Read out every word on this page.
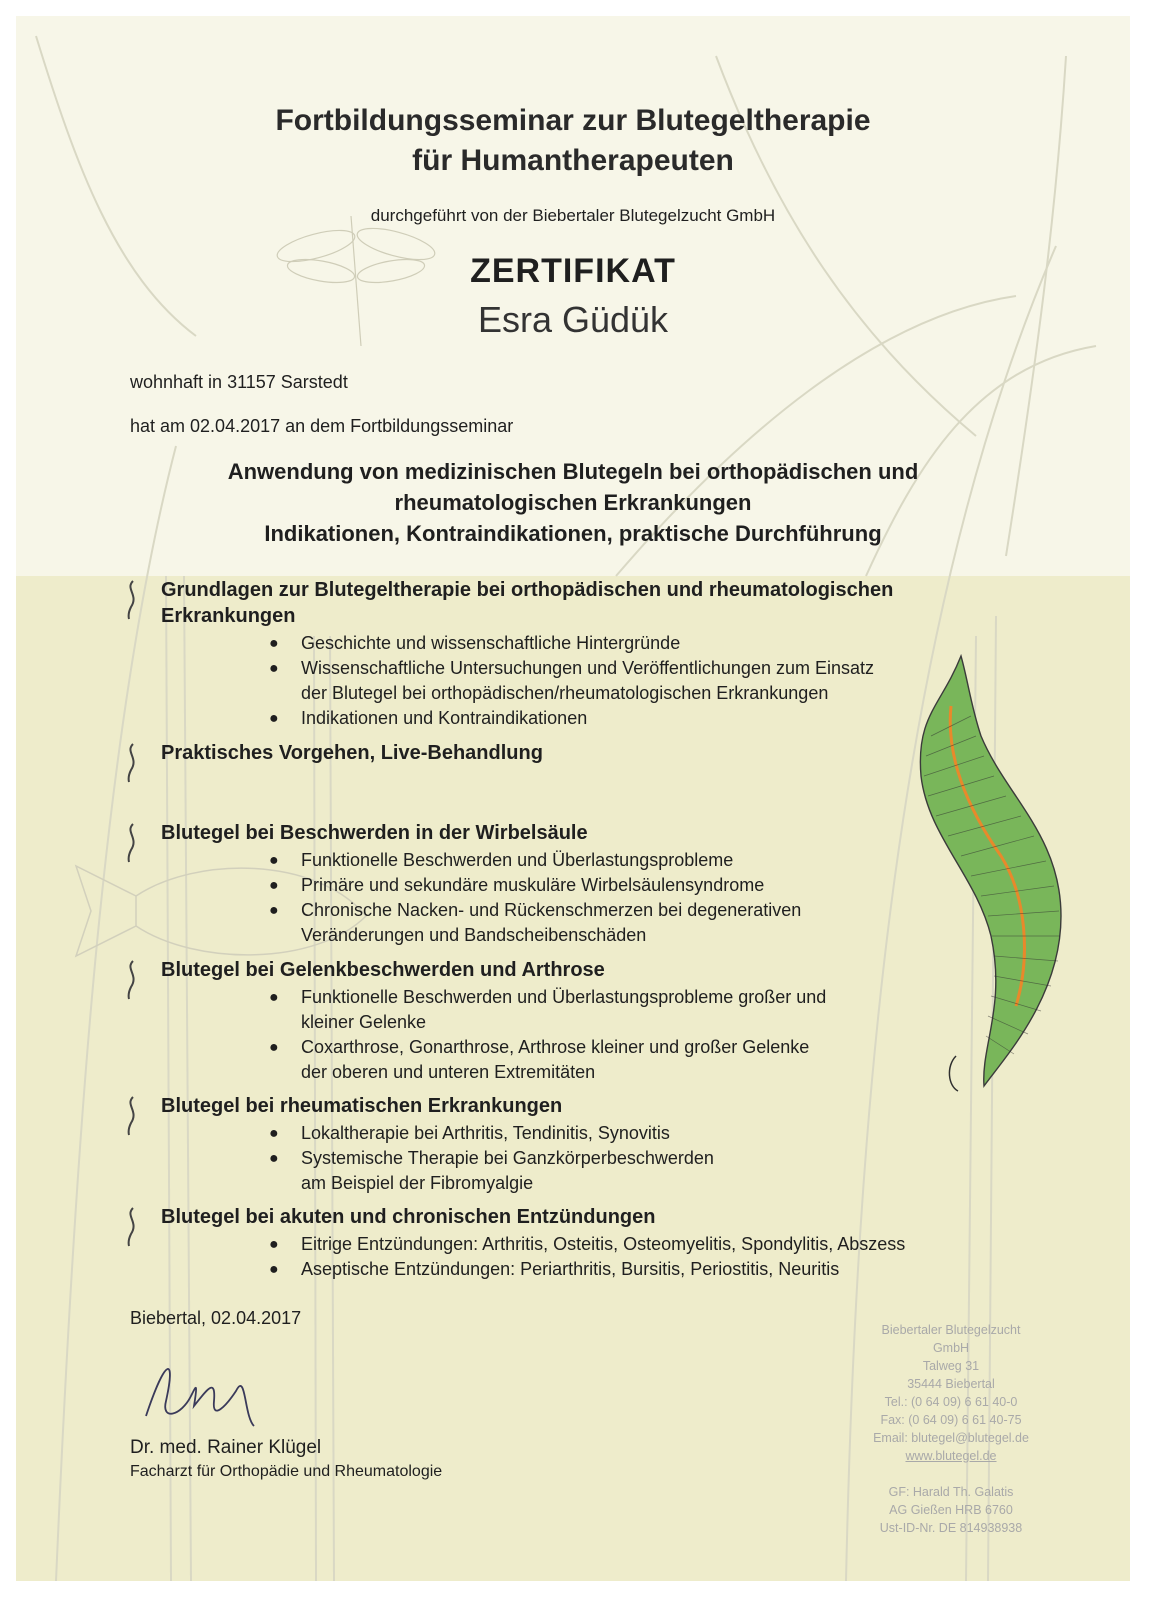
Fortbildungsseminar zur Blutegeltherapie
für Humantherapeuten

durchgeführt von der Biebertaler Blutegelzucht GmbH

ZERTIFIKAT

Esra Güdük

wohnhaft in 31157 Sarstedt

hat am 02.04.2017 an dem Fortbildungsseminar

Anwendung von medizinischen Blutegeln bei orthopädischen und
rheumatologischen Erkrankungen
Indikationen, Kontraindikationen, praktische Durchführung

Grundlagen zur Blutegeltherapie bei orthopädischen und rheumatologischen

Erkrankungen

● Geschichte und wissenschaftliche Hintergründe
● Wissenschaftliche Untersuchungen und Veröffentlichungen zum Einsatz
der Blutegel bei orthopädischen/rheumatologischen Erkrankungen
● Indikationen und Kontraindikationen

Praktisches Vorgehen, Live-Behandlung

Blutegel bei Beschwerden in der Wirbelsäule

● Funktionelle Beschwerden und Überlastungsprobleme
● Primäre und sekundäre muskuläre Wirbelsäulensyndrome
● Chronische Nacken- und Rückenschmerzen bei degenerativen
Veränderungen und Bandscheibenschäden

Blutegel bei Gelenkbeschwerden und Arthrose

● Funktionelle Beschwerden und Überlastungsprobleme großer und
kleiner Gelenke
● Coxarthrose, Gonarthrose, Arthrose kleiner und großer Gelenke
der oberen und unteren Extremitäten

Blutegel bei rheumatischen Erkrankungen

● Lokaltherapie bei Arthritis, Tendinitis, Synovitis
● Systemische Therapie bei Ganzkörperbeschwerden
am Beispiel der Fibromyalgie

Blutegel bei akuten und chronischen Entzündungen

● Eitrige Entzündungen: Arthritis, Osteitis, Osteomyelitis, Spondylitis, Abszess
● Aseptische Entzündungen: Periarthritis, Bursitis, Periostitis, Neuritis

Biebertal, 02.04.2017

Dr. med. Rainer Klügel

Facharzt für Orthopädie und Rheumatologie

Biebertaler Blutegelzucht
GmbH
Talweg 31
35444 Biebertal
Tel.: (0 64 09) 6 61 40-0
Fax: (0 64 09) 6 61 40-75
Email: blutegel@blutegel.de
www.blutegel.de
GF: Harald Th. Galatis
AG Gießen HRB 6760
Ust-ID-Nr. DE 814938938
